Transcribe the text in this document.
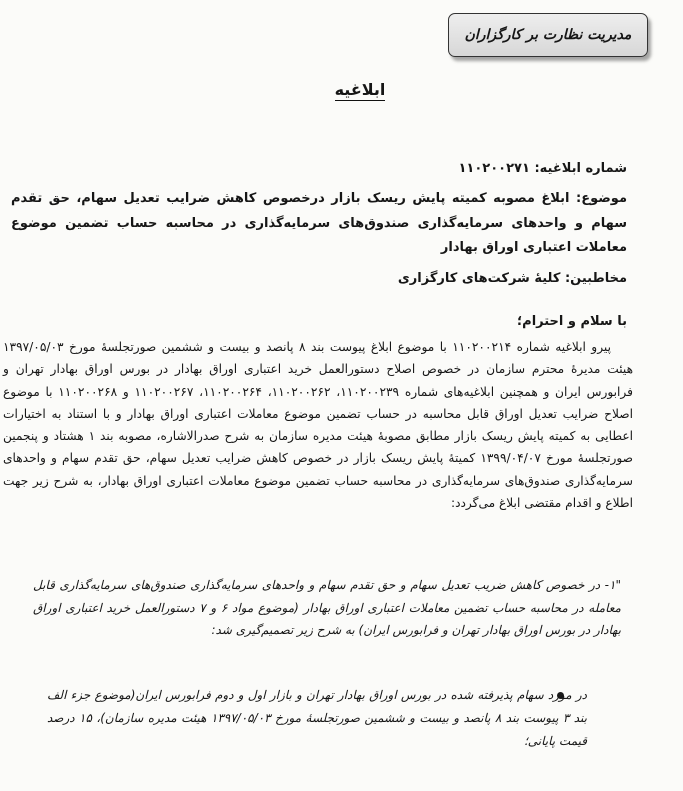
مدیریت نظارت بر کارگزاران
ابلاغیه
شماره ابلاغیه: ۱۱۰۲۰۰۲۷۱
موضوع: ابلاغ مصوبه کمیته پایش ریسک بازار درخصوص کاهش ضرایب تعدیل سهام، حق تقدم سهام و واحدهای سرمایه‌گذاری صندوق‌های سرمایه‌گذاری در محاسبه حساب تضمین موضوع معاملات اعتباری اوراق بهادار
مخاطبین: کلیهٔ شرکت‌های کارگزاری
با سلام و احترام؛

پیرو ابلاغیه شماره ۱۱۰۲۰۰۲۱۴ با موضوع ابلاغ پیوست بند ۸ پانصد و بیست و ششمین صورتجلسهٔ مورخ ۱۳۹۷/۰۵/۰۳ هیئت مدیرهٔ محترم سازمان در خصوص اصلاح دستورالعمل خرید اعتباری اوراق بهادار در بورس اوراق بهادار تهران و فرابورس ایران و همچنین ابلاغیه‌های شماره ۱۱۰۲۰۰۲۳۹، ۱۱۰۲۰۰۲۶۲، ۱۱۰۲۰۰۲۶۴، ۱۱۰۲۰۰۲۶۷ و ۱۱۰۲۰۰۲۶۸ با موضوع اصلاح ضرایب تعدیل اوراق قابل محاسبه در حساب تضمین موضوع معاملات اعتباری اوراق بهادار و با استناد به اختیارات اعطایی به کمیته پایش ریسک بازار مطابق مصوبهٔ هیئت مدیره سازمان به شرح صدرالاشاره، مصوبه بند ۱ هشتاد و پنجمین صورتجلسهٔ مورخ ۱۳۹۹/۰۴/۰۷ کمیتهٔ پایش ریسک بازار در خصوص کاهش ضرایب تعدیل سهام، حق تقدم سهام و واحدهای سرمایه‌گذاری صندوق‌های سرمایه‌گذاری در محاسبه حساب تضمین موضوع معاملات اعتباری اوراق بهادار، به شرح زیر جهت اطلاع و اقدام مقتضی ابلاغ می‌گردد:

"۱- در خصوص کاهش ضریب تعدیل سهام و حق تقدم سهام و واحدهای سرمایه‌گذاری صندوق‌های سرمایه‌گذاری قابل معامله در محاسبه حساب تضمین معاملات اعتباری اوراق بهادار (موضوع مواد ۶ و ۷ دستورالعمل خرید اعتباری اوراق بهادار در بورس اوراق بهادار تهران و فرابورس ایران) به شرح زیر تصمیم‌گیری شد:
در مورد سهام پذیرفته شده در بورس اوراق بهادار تهران و بازار اول و دوم فرابورس ایران(موضوع جزء الف بند ۳ پیوست بند ۸ پانصد و بیست و ششمین صورتجلسهٔ مورخ ۱۳۹۷/۰۵/۰۳ هیئت مدیره سازمان)، ۱۵ درصد قیمت پایانی؛
